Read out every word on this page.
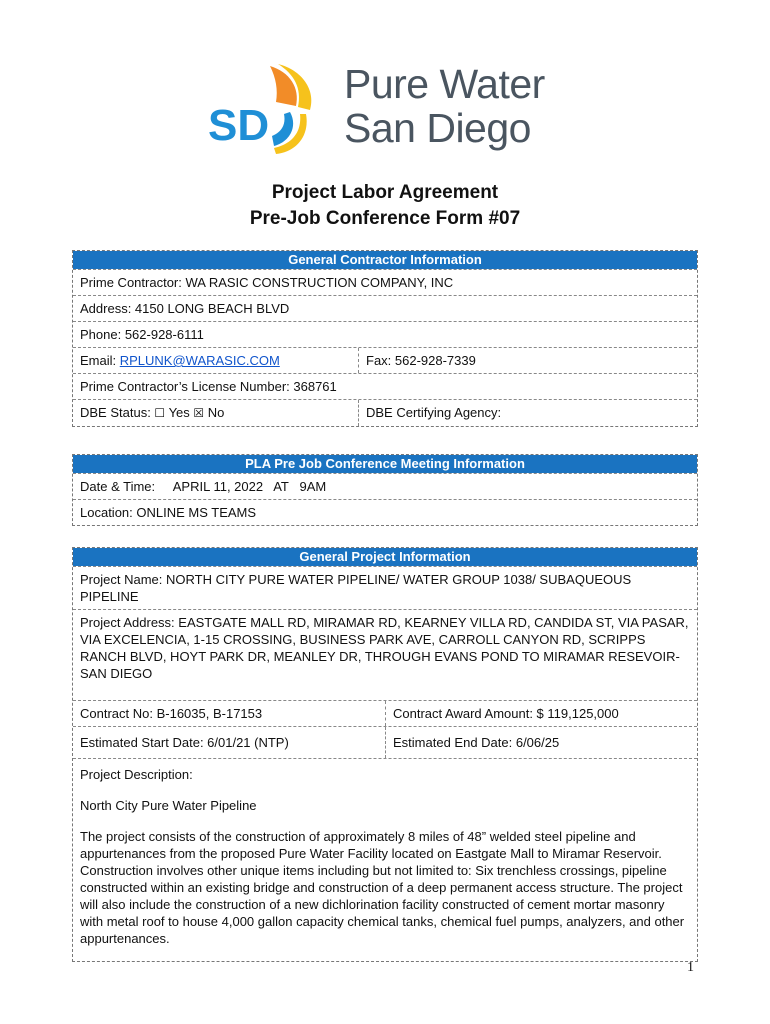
SD
Pure Water
San Diego
Project Labor Agreement
Pre-Job Conference Form #07
General Contractor Information
Prime Contractor: WA RASIC CONSTRUCTION COMPANY, INC
Address: 4150 LONG BEACH BLVD
Phone: 562-928-6111
Email: RPLUNK@WARASIC.COM	Fax: 562-928-7339
Prime Contractor’s License Number: 368761
DBE Status: ☐ Yes ☒ No	DBE Certifying Agency:
PLA Pre Job Conference Meeting Information
Date & Time: APRIL 11, 2022   AT   9AM
Location: ONLINE MS TEAMS
General Project Information
Project Name: NORTH CITY PURE WATER PIPELINE/ WATER GROUP 1038/ SUBAQUEOUS PIPELINE
Project Address: EASTGATE MALL RD, MIRAMAR RD, KEARNEY VILLA RD, CANDIDA ST, VIA PASAR, VIA EXCELENCIA, 1-15 CROSSING, BUSINESS PARK AVE, CARROLL CANYON RD, SCRIPPS RANCH BLVD, HOYT PARK DR, MEANLEY DR, THROUGH EVANS POND TO MIRAMAR RESEVOIR- SAN DIEGO
Contract No: B-16035, B-17153	Contract Award Amount: $ 119,125,000
Estimated Start Date: 6/01/21 (NTP)	Estimated End Date: 6/06/25

Project Description:

North City Pure Water Pipeline

The project consists of the construction of approximately 8 miles of 48” welded steel pipeline and appurtenances from the proposed Pure Water Facility located on Eastgate Mall to Miramar Reservoir. Construction involves other unique items including but not limited to: Six trenchless crossings, pipeline constructed within an existing bridge and construction of a deep permanent access structure. The project will also include the construction of a new dichlorination facility constructed of cement mortar masonry with metal roof to house 4,000 gallon capacity chemical tanks, chemical fuel pumps, analyzers, and other appurtenances.

1
